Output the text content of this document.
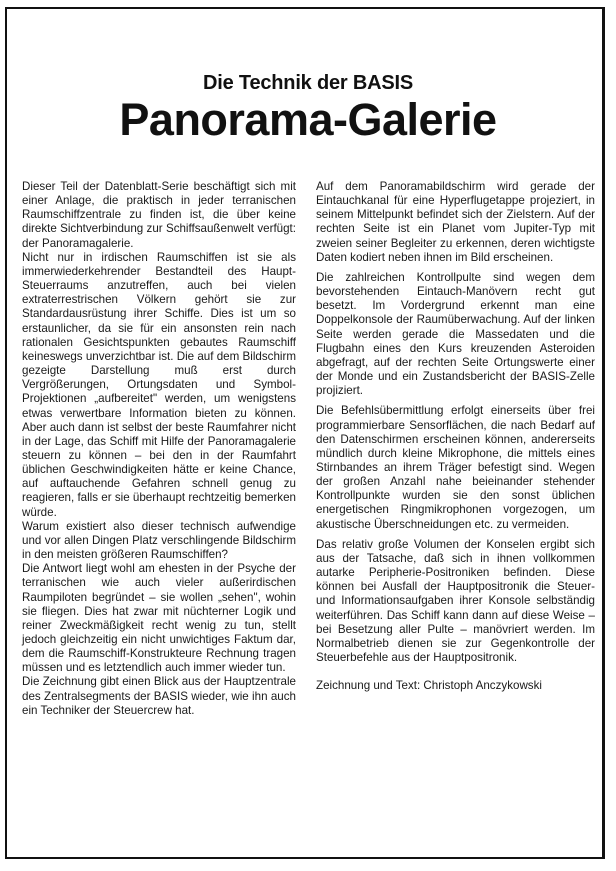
Die Technik der BASIS
Panorama-Galerie

Dieser Teil der Datenblatt-Serie beschäftigt sich mit einer Anlage, die praktisch in jeder terranischen Raumschiffzentrale zu finden ist, die über keine direkte Sichtverbindung zur Schiffsaußenwelt verfügt: der Panoramagalerie.

Nicht nur in irdischen Raumschiffen ist sie als immerwiederkehrender Bestandteil des Haupt-Steuerraums anzutreffen, auch bei vielen extraterrestrischen Völkern gehört sie zur Standardausrüstung ihrer Schiffe. Dies ist um so erstaunlicher, da sie für ein ansonsten rein nach rationalen Gesichtspunkten gebautes Raumschiff keineswegs unverzichtbar ist. Die auf dem Bildschirm gezeigte Darstellung muß erst durch Vergrößerungen, Ortungsdaten und Symbol-Projektionen „aufbereitet" werden, um wenigstens etwas verwertbare Information bieten zu können. Aber auch dann ist selbst der beste Raumfahrer nicht in der Lage, das Schiff mit Hilfe der Panoramagalerie steuern zu können – bei den in der Raumfahrt üblichen Geschwindigkeiten hätte er keine Chance, auf auftauchende Gefahren schnell genug zu reagieren, falls er sie überhaupt rechtzeitig bemerken würde.

Warum existiert also dieser technisch aufwendige und vor allen Dingen Platz verschlingende Bildschirm in den meisten größeren Raumschiffen?

Die Antwort liegt wohl am ehesten in der Psyche der terranischen wie auch vieler außerirdischen Raumpiloten begründet – sie wollen „sehen", wohin sie fliegen. Dies hat zwar mit nüchterner Logik und reiner Zweckmäßigkeit recht wenig zu tun, stellt jedoch gleichzeitig ein nicht unwichtiges Faktum dar, dem die Raumschiff-Konstrukteure Rechnung tragen müssen und es letztendlich auch immer wieder tun.

Die Zeichnung gibt einen Blick aus der Hauptzentrale des Zentralsegments der BASIS wieder, wie ihn auch ein Techniker der Steuercrew hat.

Auf dem Panoramabildschirm wird gerade der Eintauchkanal für eine Hyperflugetappe projeziert, in seinem Mittelpunkt befindet sich der Zielstern. Auf der rechten Seite ist ein Planet vom Jupiter-Typ mit zweien seiner Begleiter zu erkennen, deren wichtigste Daten kodiert neben ihnen im Bild erscheinen.

Die zahlreichen Kontrollpulte sind wegen dem bevorstehenden Eintauch-Manövern recht gut besetzt. Im Vordergrund erkennt man eine Doppelkonsole der Raumüberwachung. Auf der linken Seite werden gerade die Massedaten und die Flugbahn eines den Kurs kreuzenden Asteroiden abgefragt, auf der rechten Seite Ortungswerte einer der Monde und ein Zustandsbericht der BASIS-Zelle projiziert.

Die Befehlsübermittlung erfolgt einerseits über frei programmierbare Sensorflächen, die nach Bedarf auf den Datenschirmen erscheinen können, andererseits mündlich durch kleine Mikrophone, die mittels eines Stirnbandes an ihrem Träger befestigt sind. Wegen der großen Anzahl nahe beieinander stehender Kontrollpunkte wurden sie den sonst üblichen energetischen Ringmikrophonen vorgezogen, um akustische Überschneidungen etc. zu vermeiden.

Das relativ große Volumen der Konselen ergibt sich aus der Tatsache, daß sich in ihnen vollkommen autarke Peripherie-Positroniken befinden. Diese können bei Ausfall der Hauptpositronik die Steuer- und Informationsaufgaben ihrer Konsole selbständig weiterführen. Das Schiff kann dann auf diese Weise – bei Besetzung aller Pulte – manövriert werden. Im Normalbetrieb dienen sie zur Gegenkontrolle der Steuerbefehle aus der Hauptpositronik.

Zeichnung und Text: Christoph Anczykowski
